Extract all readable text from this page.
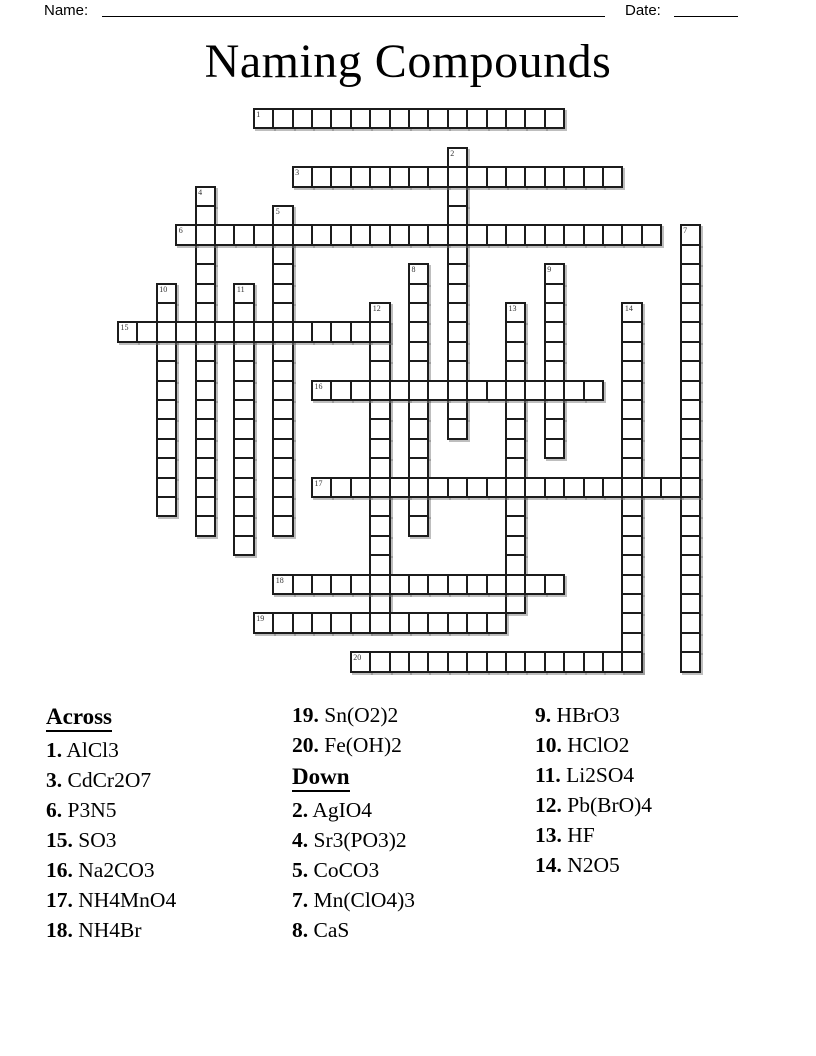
Name:	Date:
Naming Compounds
1
2
3
4
5
6	7
8	9
10	11
12	13	14
15
16
17
18
19
20
Across
1. AlCl3
3. CdCr2O7
6. P3N5
15. SO3
16. Na2CO3
17. NH4MnO4
18. NH4Br
19. Sn(O2)2
20. Fe(OH)2
Down
2. AgIO4
4. Sr3(PO3)2
5. CoCO3
7. Mn(ClO4)3
8. CaS
9. HBrO3
10. HClO2
11. Li2SO4
12. Pb(BrO)4
13. HF
14. N2O5
